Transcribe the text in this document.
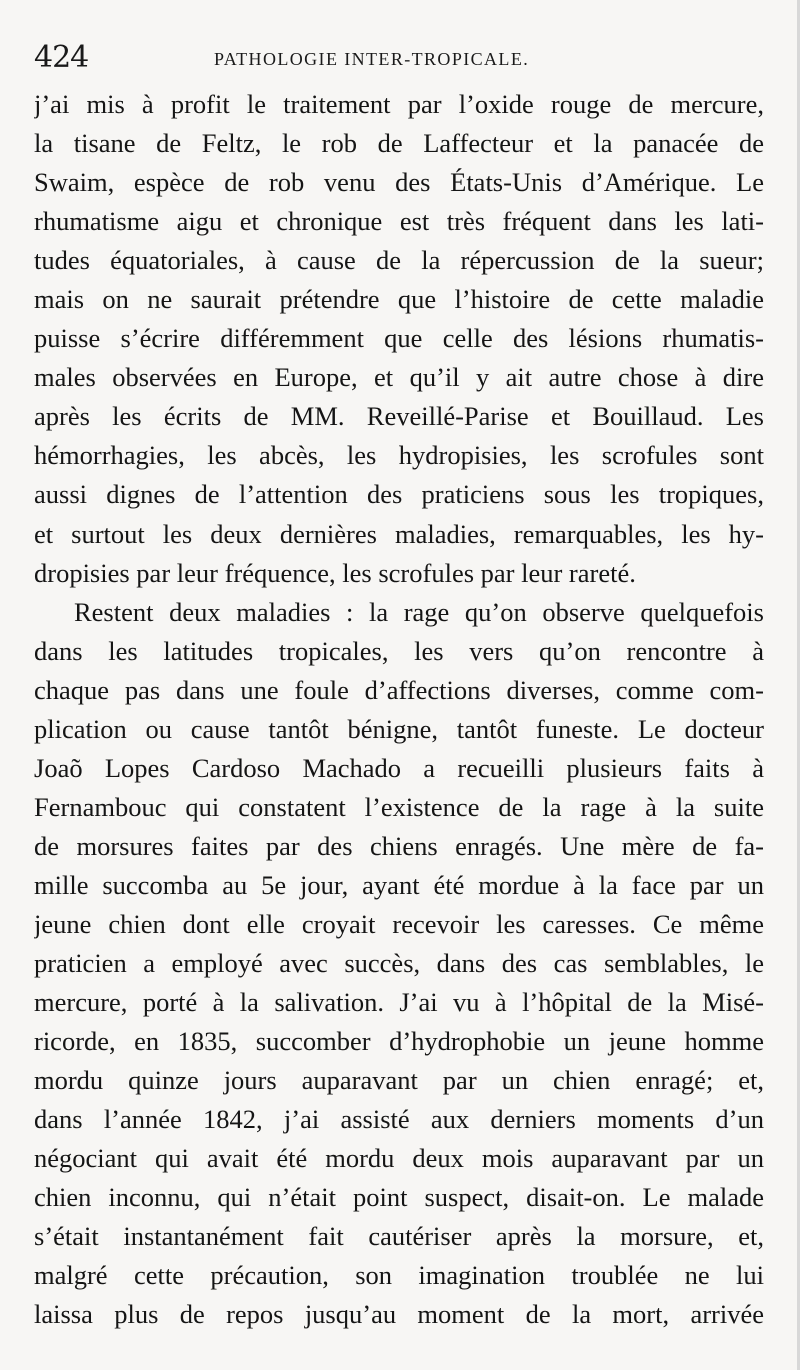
424	PATHOLOGIE INTER-TROPICALE.
j’ai mis à profit le traitement par l’oxide rouge de mercure,
la tisane de Feltz, le rob de Laffecteur et la panacée de
Swaim, espèce de rob venu des États-Unis d’Amérique. Le
rhumatisme aigu et chronique est très fréquent dans les lati-
tudes équatoriales, à cause de la répercussion de la sueur;
mais on ne saurait prétendre que l’histoire de cette maladie
puisse s’écrire différemment que celle des lésions rhumatis-
males observées en Europe, et qu’il y ait autre chose à dire
après les écrits de MM. Reveillé-Parise et Bouillaud. Les
hémorrhagies, les abcès, les hydropisies, les scrofules sont
aussi dignes de l’attention des praticiens sous les tropiques,
et surtout les deux dernières maladies, remarquables, les hy-
dropisies par leur fréquence, les scrofules par leur rareté.
Restent deux maladies : la rage qu’on observe quelquefois
dans les latitudes tropicales, les vers qu’on rencontre à
chaque pas dans une foule d’affections diverses, comme com-
plication ou cause tantôt bénigne, tantôt funeste. Le docteur
Joaõ Lopes Cardoso Machado a recueilli plusieurs faits à
Fernambouc qui constatent l’existence de la rage à la suite
de morsures faites par des chiens enragés. Une mère de fa-
mille succomba au 5e jour, ayant été mordue à la face par un
jeune chien dont elle croyait recevoir les caresses. Ce même
praticien a employé avec succès, dans des cas semblables, le
mercure, porté à la salivation. J’ai vu à l’hôpital de la Misé-
ricorde, en 1835, succomber d’hydrophobie un jeune homme
mordu quinze jours auparavant par un chien enragé; et,
dans l’année 1842, j’ai assisté aux derniers moments d’un
négociant qui avait été mordu deux mois auparavant par un
chien inconnu, qui n’était point suspect, disait-on. Le malade
s’était instantanément fait cautériser après la morsure, et,
malgré cette précaution, son imagination troublée ne lui
laissa plus de repos jusqu’au moment de la mort, arrivée
